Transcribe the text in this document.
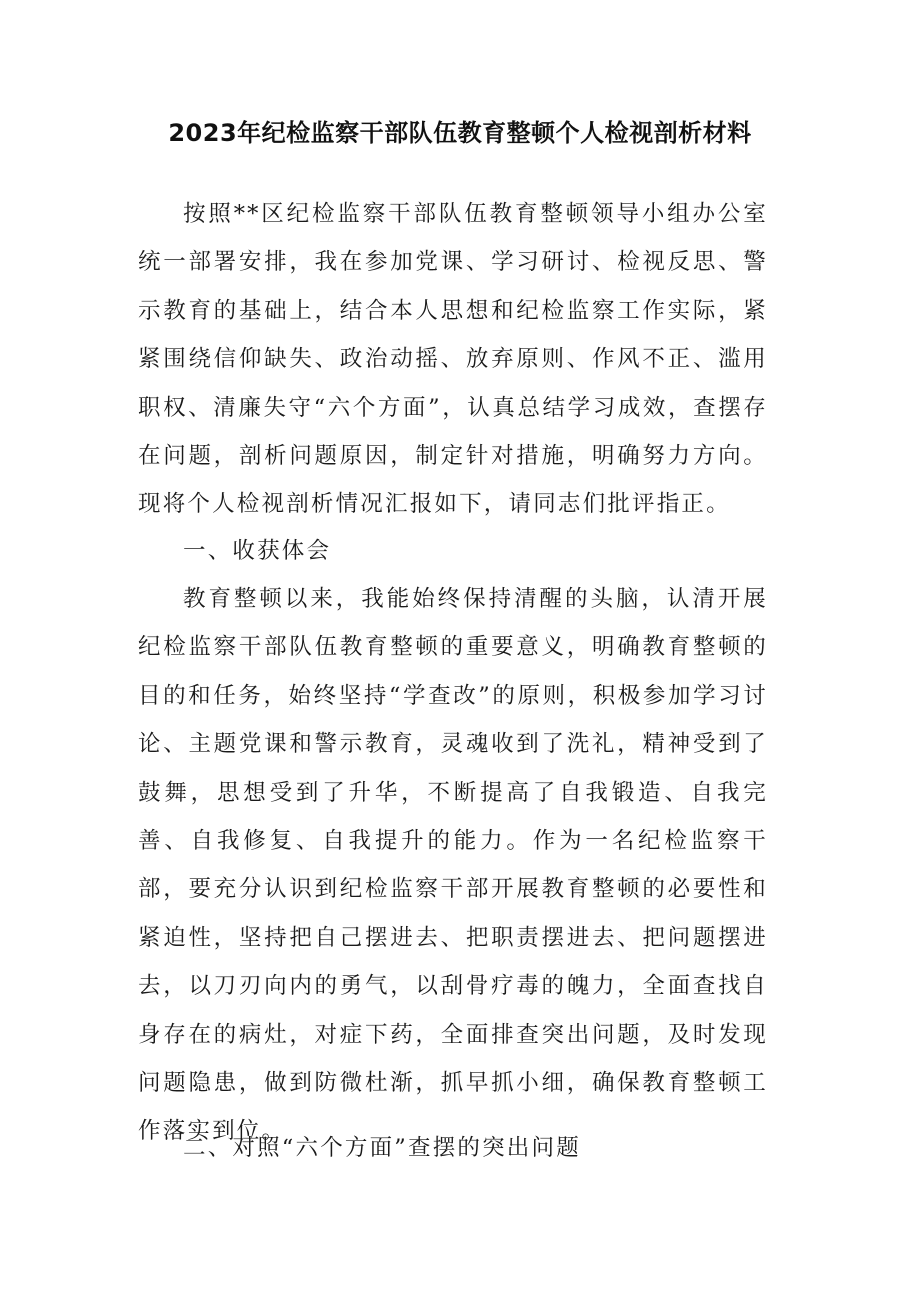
2023年纪检监察干部队伍教育整顿个人检视剖析材料

按照**区纪检监察干部队伍教育整顿领导小组办公室统一部署安排，我在参加党课、学习研讨、检视反思、警示教育的基础上，结合本人思想和纪检监察工作实际，紧紧围绕信仰缺失、政治动摇、放弃原则、作风不正、滥用职权、清廉失守“六个方面”，认真总结学习成效，查摆存在问题，剖析问题原因，制定针对措施，明确努力方向。现将个人检视剖析情况汇报如下，请同志们批评指正。

一、收获体会

教育整顿以来，我能始终保持清醒的头脑，认清开展纪检监察干部队伍教育整顿的重要意义，明确教育整顿的目的和任务，始终坚持“学查改”的原则，积极参加学习讨论、主题党课和警示教育，灵魂收到了洗礼，精神受到了鼓舞，思想受到了升华，不断提高了自我锻造、自我完善、自我修复、自我提升的能力。作为一名纪检监察干部，要充分认识到纪检监察干部开展教育整顿的必要性和紧迫性，坚持把自己摆进去、把职责摆进去、把问题摆进去，以刀刃向内的勇气，以刮骨疗毒的魄力，全面查找自身存在的病灶，对症下药，全面排查突出问题，及时发现问题隐患，做到防微杜渐，抓早抓小细，确保教育整顿工作落实到位。

二、对照“六个方面”查摆的突出问题
